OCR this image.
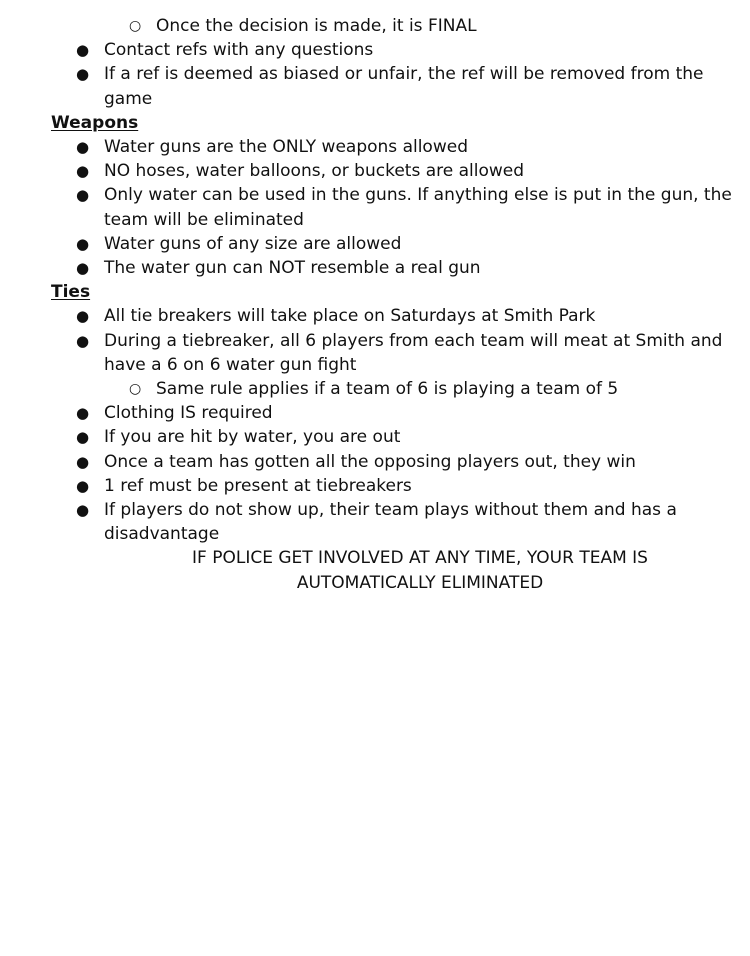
○ Once the decision is made, it is FINAL
● Contact refs with any questions
● If a ref is deemed as biased or unfair, the ref will be removed from the game
Weapons
● Water guns are the ONLY weapons allowed
● NO hoses, water balloons, or buckets are allowed
● Only water can be used in the guns. If anything else is put in the gun, the team will be eliminated
● Water guns of any size are allowed
● The water gun can NOT resemble a real gun
Ties
● All tie breakers will take place on Saturdays at Smith Park
● During a tiebreaker, all 6 players from each team will meat at Smith and have a 6 on 6 water gun fight
○ Same rule applies if a team of 6 is playing a team of 5
● Clothing IS required
● If you are hit by water, you are out
● Once a team has gotten all the opposing players out, they win
● 1 ref must be present at tiebreakers
● If players do not show up, their team plays without them and has a disadvantage
IF POLICE GET INVOLVED AT ANY TIME, YOUR TEAM IS AUTOMATICALLY ELIMINATED
